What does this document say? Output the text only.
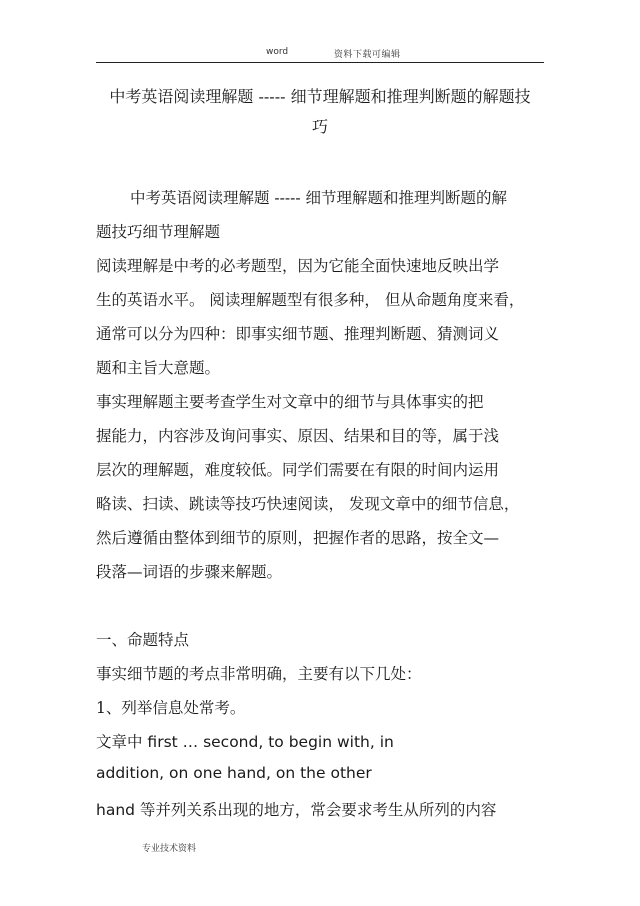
word	资料下载可编辑
中考英语阅读理解题 ----- 细节理解题和推理判断题的解题技
巧

中考英语阅读理解题 ----- 细节理解题和推理判断题的解

题技巧细节理解题

阅读理解是中考的必考题型，因为它能全面快速地反映出学

生的英语水平。 阅读理解题型有很多种， 但从命题角度来看，

通常可以分为四种：即事实细节题、推理判断题、猜测词义

题和主旨大意题。

事实理解题主要考查学生对文章中的细节与具体事实的把

握能力，内容涉及询问事实、原因、结果和目的等，属于浅

层次的理解题，难度较低。同学们需要在有限的时间内运用

略读、扫读、跳读等技巧快速阅读， 发现文章中的细节信息，

然后遵循由整体到细节的原则，把握作者的思路，按全文—

段落—词语的步骤来解题。

一、命题特点

事实细节题的考点非常明确，主要有以下几处：

1、列举信息处常考。

文章中 first … second, to begin with, in

addition, on one hand, on the other

hand 等并列关系出现的地方，常会要求考生从所列的内容

专业技术资料
